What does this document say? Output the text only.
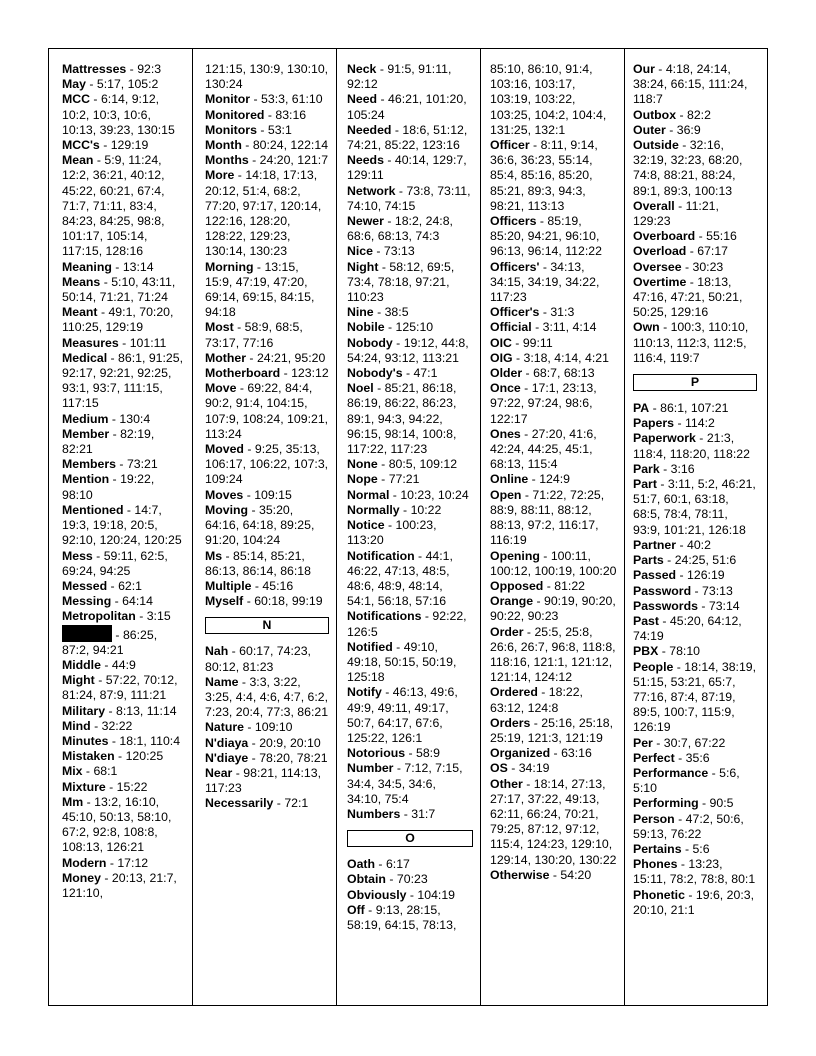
Mattresses - 92:3
May - 5:17, 105:2
MCC - 6:14, 9:12, 10:2, 10:3, 10:6, 10:13, 39:23, 130:15
MCC's - 129:19
Mean - 5:9, 11:24, 12:2, 36:21, 40:12, 45:22, 60:21, 67:4, 71:7, 71:11, 83:4, 84:23, 84:25, 98:8, 101:17, 105:14, 117:15, 128:16
Meaning - 13:14
Means - 5:10, 43:11, 50:14, 71:21, 71:24
Meant - 49:1, 70:20, 110:25, 129:19
Measures - 101:11
Medical - 86:1, 91:25, 92:17, 92:21, 92:25, 93:1, 93:7, 111:15, 117:15
Medium - 130:4
Member - 82:19, 82:21
Members - 73:21
Mention - 19:22, 98:10
Mentioned - 14:7, 19:3, 19:18, 20:5, 92:10, 120:24, 120:25
Mess - 59:11, 62:5, 69:24, 94:25
Messed - 62:1
Messing - 64:14
Metropolitan - 3:15
- 86:25, 87:2, 94:21
Middle - 44:9
Might - 57:22, 70:12, 81:24, 87:9, 111:21
Military - 8:13, 11:14
Mind - 32:22
Minutes - 18:1, 110:4
Mistaken - 120:25
Mix - 68:1
Mixture - 15:22
Mm - 13:2, 16:10, 45:10, 50:13, 58:10, 67:2, 92:8, 108:8, 108:13, 126:21
Modern - 17:12
Money - 20:13, 21:7, 121:10,
121:15, 130:9, 130:10, 130:24
Monitor - 53:3, 61:10
Monitored - 83:16
Monitors - 53:1
Month - 80:24, 122:14
Months - 24:20, 121:7
More - 14:18, 17:13, 20:12, 51:4, 68:2, 77:20, 97:17, 120:14, 122:16, 128:20, 128:22, 129:23, 130:14, 130:23
Morning - 13:15, 15:9, 47:19, 47:20, 69:14, 69:15, 84:15, 94:18
Most - 58:9, 68:5, 73:17, 77:16
Mother - 24:21, 95:20
Motherboard - 123:12
Move - 69:22, 84:4, 90:2, 91:4, 104:15, 107:9, 108:24, 109:21, 113:24
Moved - 9:25, 35:13, 106:17, 106:22, 107:3, 109:24
Moves - 109:15
Moving - 35:20, 64:16, 64:18, 89:25, 91:20, 104:24
Ms - 85:14, 85:21, 86:13, 86:14, 86:18
Multiple - 45:16
Myself - 60:18, 99:19
N
Nah - 60:17, 74:23, 80:12, 81:23
Name - 3:3, 3:22, 3:25, 4:4, 4:6, 4:7, 6:2, 7:23, 20:4, 77:3, 86:21
Nature - 109:10
N'diaya - 20:9, 20:10
N'diaye - 78:20, 78:21
Near - 98:21, 114:13, 117:23
Necessarily - 72:1
Neck - 91:5, 91:11, 92:12
Need - 46:21, 101:20, 105:24
Needed - 18:6, 51:12, 74:21, 85:22, 123:16
Needs - 40:14, 129:7, 129:11
Network - 73:8, 73:11, 74:10, 74:15
Newer - 18:2, 24:8, 68:6, 68:13, 74:3
Nice - 73:13
Night - 58:12, 69:5, 73:4, 78:18, 97:21, 110:23
Nine - 38:5
Nobile - 125:10
Nobody - 19:12, 44:8, 54:24, 93:12, 113:21
Nobody's - 47:1
Noel - 85:21, 86:18, 86:19, 86:22, 86:23, 89:1, 94:3, 94:22, 96:15, 98:14, 100:8, 117:22, 117:23
None - 80:5, 109:12
Nope - 77:21
Normal - 10:23, 10:24
Normally - 10:22
Notice - 100:23, 113:20
Notification - 44:1, 46:22, 47:13, 48:5, 48:6, 48:9, 48:14, 54:1, 56:18, 57:16
Notifications - 92:22, 126:5
Notified - 49:10, 49:18, 50:15, 50:19, 125:18
Notify - 46:13, 49:6, 49:9, 49:11, 49:17, 50:7, 64:17, 67:6, 125:22, 126:1
Notorious - 58:9
Number - 7:12, 7:15, 34:4, 34:5, 34:6, 34:10, 75:4
Numbers - 31:7
O
Oath - 6:17
Obtain - 70:23
Obviously - 104:19
Off - 9:13, 28:15, 58:19, 64:15, 78:13,
85:10, 86:10, 91:4, 103:16, 103:17, 103:19, 103:22, 103:25, 104:2, 104:4, 131:25, 132:1
Officer - 8:11, 9:14, 36:6, 36:23, 55:14, 85:4, 85:16, 85:20, 85:21, 89:3, 94:3, 98:21, 113:13
Officers - 85:19, 85:20, 94:21, 96:10, 96:13, 96:14, 112:22
Officers' - 34:13, 34:15, 34:19, 34:22, 117:23
Officer's - 31:3
Official - 3:11, 4:14
OIC - 99:11
OIG - 3:18, 4:14, 4:21
Older - 68:7, 68:13
Once - 17:1, 23:13, 97:22, 97:24, 98:6, 122:17
Ones - 27:20, 41:6, 42:24, 44:25, 45:1, 68:13, 115:4
Online - 124:9
Open - 71:22, 72:25, 88:9, 88:11, 88:12, 88:13, 97:2, 116:17, 116:19
Opening - 100:11, 100:12, 100:19, 100:20
Opposed - 81:22
Orange - 90:19, 90:20, 90:22, 90:23
Order - 25:5, 25:8, 26:6, 26:7, 96:8, 118:8, 118:16, 121:1, 121:12, 121:14, 124:12
Ordered - 18:22, 63:12, 124:8
Orders - 25:16, 25:18, 25:19, 121:3, 121:19
Organized - 63:16
OS - 34:19
Other - 18:14, 27:13, 27:17, 37:22, 49:13, 62:11, 66:24, 70:21, 79:25, 87:12, 97:12, 115:4, 124:23, 129:10, 129:14, 130:20, 130:22
Otherwise - 54:20
Our - 4:18, 24:14, 38:24, 66:15, 111:24, 118:7
Outbox - 82:2
Outer - 36:9
Outside - 32:16, 32:19, 32:23, 68:20, 74:8, 88:21, 88:24, 89:1, 89:3, 100:13
Overall - 11:21, 129:23
Overboard - 55:16
Overload - 67:17
Oversee - 30:23
Overtime - 18:13, 47:16, 47:21, 50:21, 50:25, 129:16
Own - 100:3, 110:10, 110:13, 112:3, 112:5, 116:4, 119:7
P
PA - 86:1, 107:21
Papers - 114:2
Paperwork - 21:3, 118:4, 118:20, 118:22
Park - 3:16
Part - 3:11, 5:2, 46:21, 51:7, 60:1, 63:18, 68:5, 78:4, 78:11, 93:9, 101:21, 126:18
Partner - 40:2
Parts - 24:25, 51:6
Passed - 126:19
Password - 73:13
Passwords - 73:14
Past - 45:20, 64:12, 74:19
PBX - 78:10
People - 18:14, 38:19, 51:15, 53:21, 65:7, 77:16, 87:4, 87:19, 89:5, 100:7, 115:9, 126:19
Per - 30:7, 67:22
Perfect - 35:6
Performance - 5:6, 5:10
Performing - 90:5
Person - 47:2, 50:6, 59:13, 76:22
Pertains - 5:6
Phones - 13:23, 15:11, 78:2, 78:8, 80:1
Phonetic - 19:6, 20:3, 20:10, 21:1
